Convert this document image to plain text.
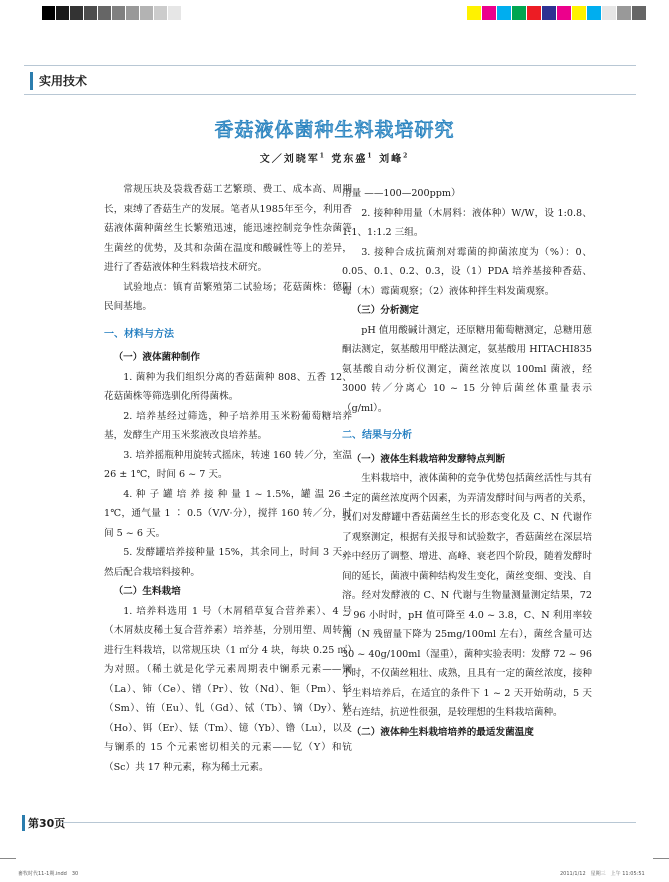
实用技术
香菇液体菌种生料栽培研究
文／刘晓军$^1$ 党东盛$^1$ 刘峰$^2$

常规压块及袋栽香菇工艺繁琐、费工、成本高、周期长，束缚了香菇生产的发展。笔者从1985年至今，利用香菇液体菌种菌丝生长繁殖迅速，能迅速控制竞争性杂菌等生菌丝的优势，及其和杂菌在温度和酸碱性等上的差异，进行了香菇液体种生料栽培技术研究。

试验地点：镇育苗繁殖第二试验场；花菇菌株：德阳民间基地。

一、材料与方法

（一）液体菌种制作

1. 菌种为我们组织分离的香菇菌种 808、五香 12、花菇菌株等筛选驯化所得菌株。

2. 培养基经过筛选，种子培养用玉米粉葡萄糖培养基，发酵生产用玉米浆液改良培养基。

3. 培养摇瓶种用旋转式摇床，转速 160 转／分，室温 26 ± 1℃，时间 6 ~ 7 天。

4. 种 子 罐 培 养 接 种 量 1 ~ 1.5%，罐 温 26 ± 1℃，通气量 1 ∶ 0.5（V/V·分），搅拌 160 转／分，时间 5 ~ 6 天。

5. 发酵罐培养接种量 15%，其余同上，时间 3 天，然后配合栽培料接种。

（二）生料栽培

1. 培养料选用 1 号（木屑稻草复合营养素）、4 号（木屑麸皮稀土复合营养素）培养基，分别用塑、周转箱进行生料栽培，以常规压块（1 ㎡分 4 块，每块 0.25 ㎡）为对照。（稀土就是化学元素周期表中镧系元素——镧（La）、铈（Ce）、镨（Pr）、钕（Nd）、钷（Pm）、钐（Sm）、铕（Eu）、钆（Gd）、铽（Tb）、镝（Dy）、钬（Ho）、铒（Er）、铥（Tm）、镱（Yb）、镥（Lu），以及与镧系的 15 个元素密切相关的元素——钇（Y）和钪（Sc）共 17 种元素，称为稀土元素。

用量 ——100—200ppm）

2. 接种种用量（木屑料：液体种）W/W，设 1:0.8、1:1、1:1.2 三组。

3. 接种合成抗菌剂对霉菌的抑菌浓度为（%）：0、0.05、0.1、0.2、0.3，设（1）PDA 培养基接种香菇、霉（木）霉菌观察；（2）液体种拌生料发菌观察。

（三）分析测定

pH 值用酸碱计测定，还原糖用葡萄糖测定，总糖用蒽酮法测定，氨基酸用甲醛法测定，氨基酸用 HITACHI835 氨基酸自动分析仪测定，菌丝浓度以 100ml 菌液，经 3000 转／分离心 10 ~ 15 分钟后菌丝体重量表示（g/ml）。

二、结果与分析

（一）液体生料栽培种发酵特点判断

生料栽培中，液体菌种的竞争优势包括菌丝活性与其有一定的菌丝浓度两个因素，为弄清发酵时间与两者的关系，我们对发酵罐中香菇菌丝生长的形态变化及 C、N 代谢作了观察测定，根据有关报导和试验数字，香菇菌丝在深层培养中经历了调整、增进、高峰、衰老四个阶段，随着发酵时间的延长，菌液中菌种结构发生变化，菌丝变细、变浅、自溶。经对发酵液的 C、N 代谢与生物量测量测定结果，72 ~ 96 小时时，pH 值可降至 4.0 ~ 3.8，C、N 利用率较高（N 残留量下降为 25mg/100ml 左右），菌丝含量可达 30 ~ 40g/100ml（湿重），菌种实验表明：发酵 72 ~ 96 小时，不仅菌丝粗壮、成熟，且具有一定的菌丝浓度，接种于生料培养后，在适宜的条件下 1 ~ 2 天开始萌动，5 天左右连结，抗逆性很强，是较理想的生料栽培菌种。

（二）液体种生料栽培培养的最适发菌温度

第30页
畜牧时代11-1期.indd　30	2011/1/12　星期三　上午 11:05:51
